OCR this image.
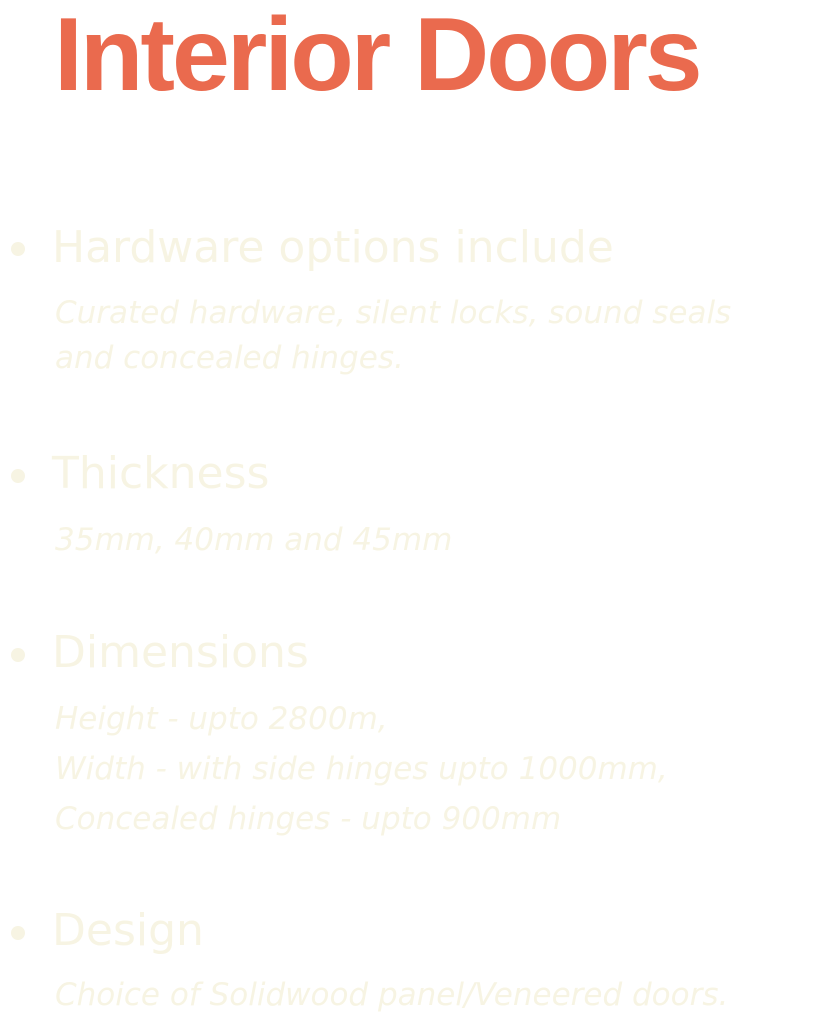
Interior Doors
Hardware options include

Curated hardware, silent locks, sound seals
and concealed hinges.

Thickness

35mm, 40mm and 45mm

Dimensions

Height - upto 2800m,
Width - with side hinges upto 1000mm,
Concealed hinges - upto 900mm

Design

Choice of Solidwood panel/Veneered doors.
